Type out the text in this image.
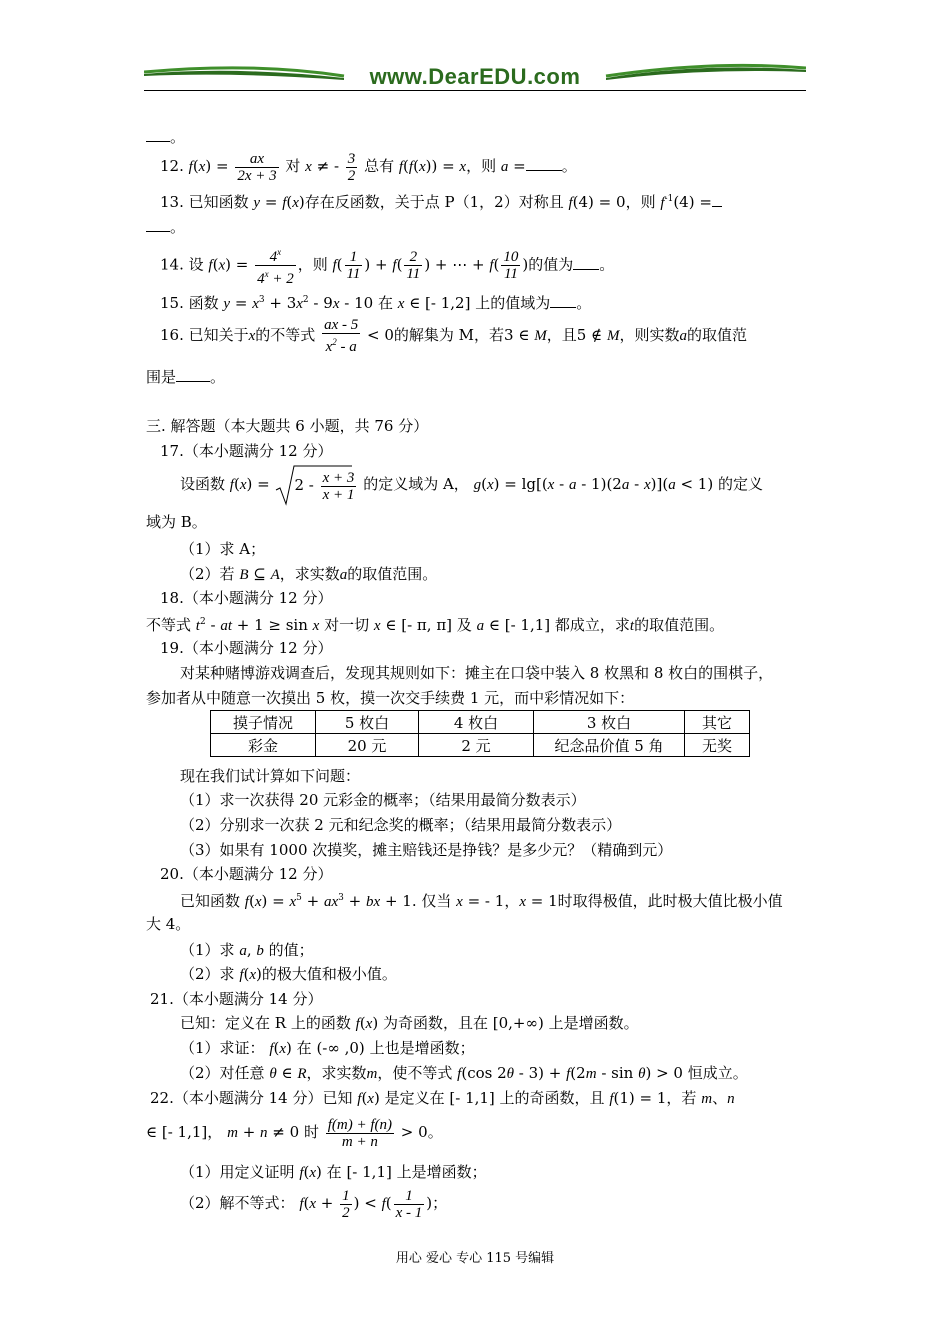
www.DearEDU.com
。
12. $f(x) = \frac{ax}{2x + 3}$ 对 x ≠ - $\frac{3}{2}$ 总有 f(f(x)) = x，则 a = 。
13. 已知函数 y = f(x)存在反函数，关于点 P（1，2）对称且 f(4) = 0，则 $f^{-1}(4)$ =
。
14. 设 $f(x) = \frac{4^x}{4^x + 2}$ ，则 $f( \frac{1}{11}$ ) + $f( \frac{2}{11}$ ) + ⋯ + $f( \frac{10}{11}$ )的值为 。
15. 函数 $y = x^3 + 3x^2 - 9x - 10$ 在 x ∈ [- 1,2] 上的值域为 。
16. 已知关于x的不等式 $\frac{ax - 5}{x^2 - a} < 0$的解集为 M，若3 ∈ M，且5 ∉ M，则实数a的取值范
围是 。
三. 解答题（本大题共 6 小题，共 76 分）
17.（本小题满分 12 分）
设函数 $f(x) = 2 - \frac{x + 3}{x + 1}$ 的定义域为 A， g(x) = lg[(x - a - 1)(2a - x)](a < 1) 的定义
域为 B。
（1）求 A；
（2）若 B ⊆ A，求实数a的取值范围。
18.（本小题满分 12 分）
不等式 $t^2$ - at + 1 ≥ sin x 对一切 x ∈ [- π, π] 及 a ∈ [- 1,1] 都成立，求t的取值范围。
19.（本小题满分 12 分）
对某种赌博游戏调查后，发现其规则如下：摊主在口袋中装入 8 枚黑和 8 枚白的围棋子，
参加者从中随意一次摸出 5 枚，摸一次交手续费 1 元，而中彩情况如下：
摸子情况	5 枚白	4 枚白	3 枚白	其它
彩金	20 元	2 元	纪念品价值 5 角	无奖
现在我们试计算如下问题：
（1）求一次获得 20 元彩金的概率；（结果用最简分数表示）
（2）分别求一次获 2 元和纪念奖的概率；（结果用最简分数表示）
（3）如果有 1000 次摸奖，摊主赔钱还是挣钱？是多少元？（精确到元）
20.（本小题满分 12 分）
已知函数 $f(x) = x^5 + ax^3$ + bx + 1. 仅当 x = - 1，x = 1时取得极值，此时极大值比极小值
大 4。
（1）求 a, b 的值；
（2）求 f(x)的极大值和极小值。
21.（本小题满分 14 分）
已知：定义在 R 上的函数 f(x) 为奇函数，且在 [0,+∞) 上是增函数。
（1）求证： f(x) 在 (-∞ ,0) 上也是增函数；
（2）对任意 θ ∈ R，求实数m，使不等式 f(cos 2θ - 3) + f(2m - sin θ) > 0 恒成立。
22.（本小题满分 14 分）已知 f(x) 是定义在 [- 1,1] 上的奇函数，且 f(1) = 1，若 m、n
∈ [- 1,1]， m + n ≠ 0 时 $\frac{f(m) + f(n)}{m + n} > 0$。
（1）用定义证明 f(x) 在 [- 1,1] 上是增函数；
（2）解不等式： $f(x + \frac{1}{2}$ ) < $f( \frac{1}{x - 1}$ )；
用心 爱心 专心 115 号编辑
